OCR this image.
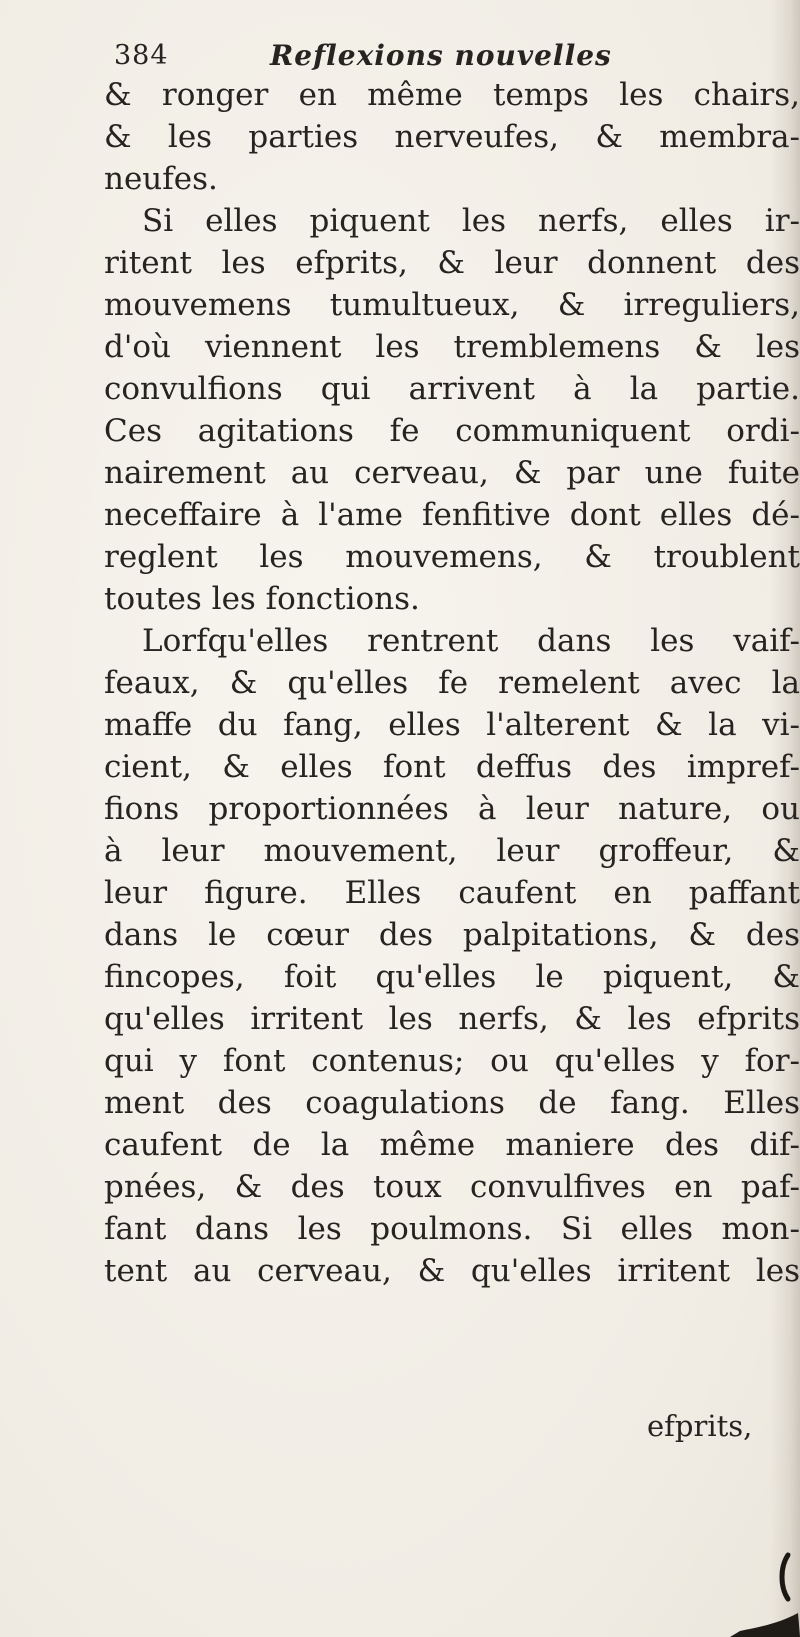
384	Reflexions nouvelles
& ronger en même temps les chairs,
& les parties nerveufes, & membra-
neufes.
Si elles piquent les nerfs, elles ir-
ritent les efprits, & leur donnent des
mouvemens tumultueux, & irreguliers,
d'où viennent les tremblemens & les
convulfions qui arrivent à la partie.
Ces agitations fe communiquent ordi-
nairement au cerveau, & par une fuite
neceffaire à l'ame fenfitive dont elles dé-
reglent les mouvemens, & troublent
toutes les fonctions.
Lorfqu'elles rentrent dans les vaif-
feaux, & qu'elles fe remelent avec la
maffe du fang, elles l'alterent & la vi-
cient, & elles font deffus des impref-
fions proportionnées à leur nature, ou
à leur mouvement, leur groffeur, &
leur figure. Elles caufent en paffant
dans le cœur des palpitations, & des
fincopes, foit qu'elles le piquent, &
qu'elles irritent les nerfs, & les efprits
qui y font contenus; ou qu'elles y for-
ment des coagulations de fang. Elles
caufent de la même maniere des dif-
pnées, & des toux convulfives en paf-
fant dans les poulmons. Si elles mon-
tent au cerveau, & qu'elles irritent les
efprits,
